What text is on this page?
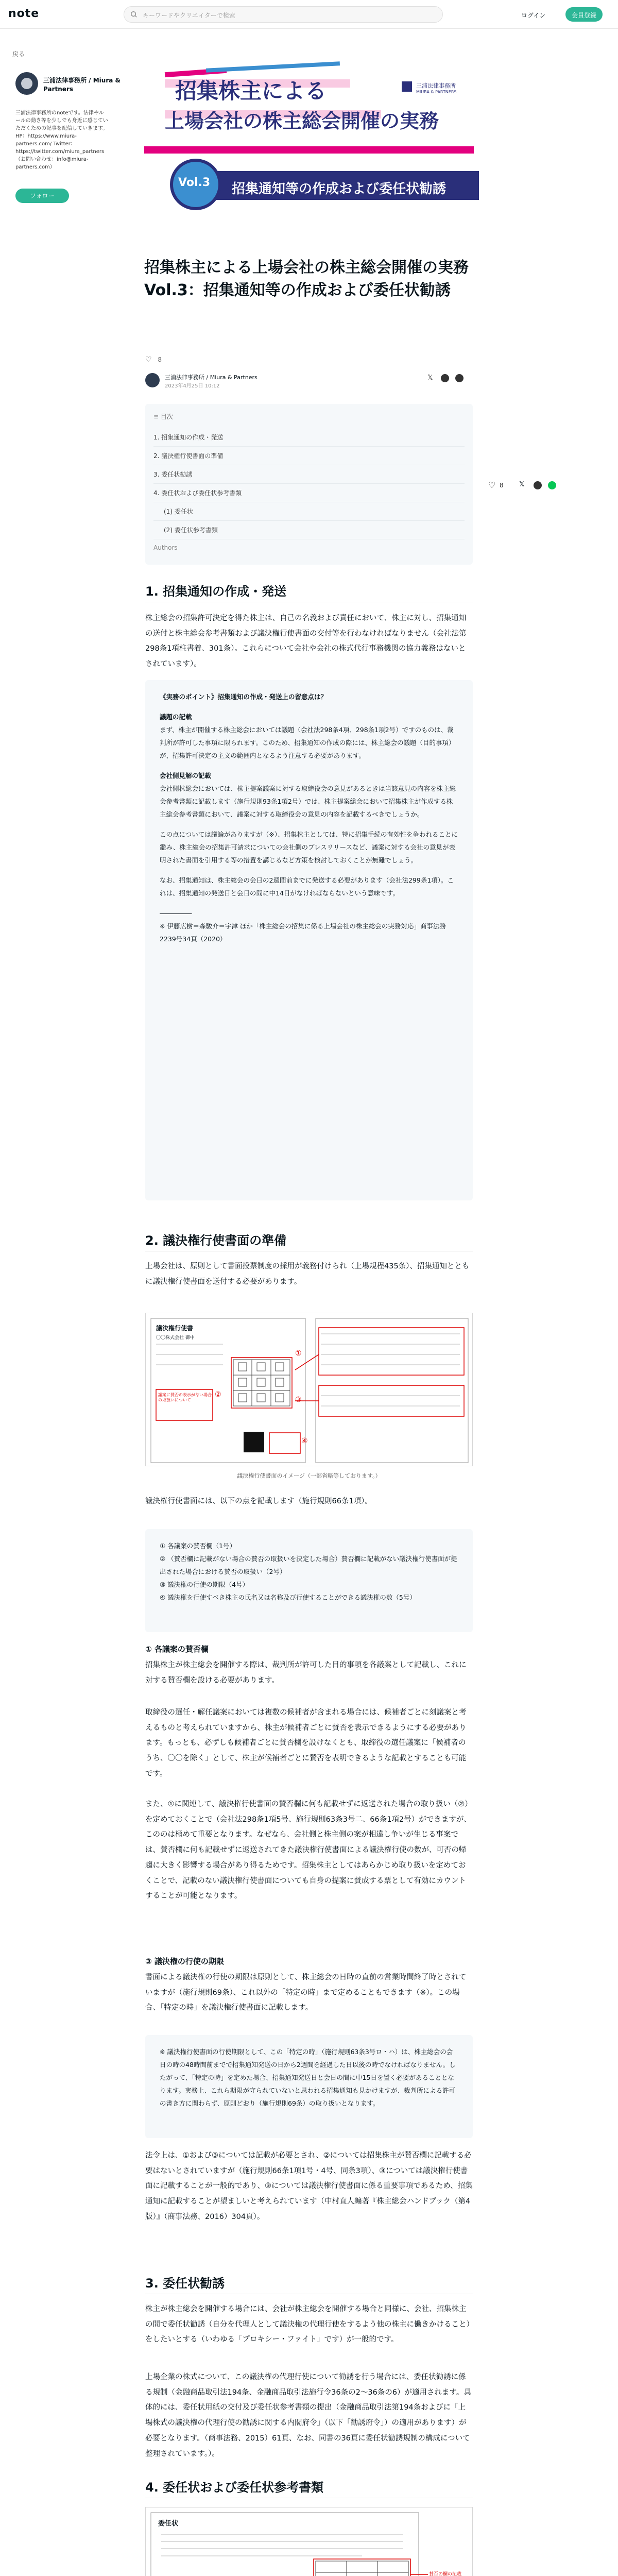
note	キーワードやクリエイターで検索	ログイン	会員登録
戻る
三浦法律事務所 / Miura & Partners
三浦法律事務所のnoteです。法律やルールの動き等を少しでも身近に感じていただくための記事を配信していきます。HP：https://www.miura-partners.com/ Twitter：https://twitter.com/miura_partners（お問い合わせ：info@miura-partners.com）
フォロー
招集株主による
上場会社の株主総会開催の実務
Vol.3 招集通知等の作成および委任状勧誘
三浦法律事務所
MIURA & PARTNERS
招集株主による上場会社の株主総会開催の実務 Vol.3：招集通知等の作成および委任状勧誘
♡ 8
三浦法律事務所 / Miura & Partners
2023年4月25日 10:12
𝕏
≡ 目次
1. 招集通知の作成・発送
2. 議決権行使書面の準備
3. 委任状勧誘
4. 委任状および委任状参考書類
(1) 委任状
(2) 委任状参考書類
Authors
♡ 8 𝕏
1. 招集通知の作成・発送

株主総会の招集許可決定を得た株主は、自己の名義および責任において、株主に対し、招集通知の送付と株主総会参考書類および議決権行使書面の交付等を行わなければなりません（会社法第298条1項柱書着、301条）。これらについて会社や会社の株式代行事務機関の協力義務はないとされています）。

《実務のポイント》招集通知の作成・発送上の留意点は？
議題の記載
まず、株主が開催する株主総会においては議題（会社法298条4項、298条1項2号）ですのものは、裁判所が許可した事項に限られます。このため、招集通知の作成の際には、株主総会の議題（目的事項）が、招集許可決定の主文の範囲内となるよう注意する必要があります。
会社側見解の記載
会社側株総会においては、株主提案議案に対する取締役会の意見があるときは当該意見の内容を株主総会参考書類に記載します（施行規則93条1項2号）では、株主提案総会において招集株主が作成する株主総会参考書類において、議案に対する取締役会の意見の内容を記載するべきでしょうか。
この点については議論がありますが（※）、招集株主としては、特に招集手続の有効性を争われることに鑑み、株主総会の招集許可請求についての会社側のプレスリリースなど、議案に対する会社の意見が表明された書面を引用する等の措置を講じるなど方策を検討しておくことが無難でしょう。
なお、招集通知は、株主総会の会日の2週間前までに発送する必要があります（会社法299条1項）。これは、招集通知の発送日と会日の間に中14日がなければならないという意味です。
―――――
※ 伊藤広樹＝森駿介＝宇津 ほか「株主総会の招集に係る上場会社の株主総会の実務対応」商事法務2239号34頁（2020）
2. 議決権行使書面の準備

上場会社は、原則として書面投票制度の採用が義務付けられ（上場規程435条）、招集通知とともに議決権行使書面を送付する必要があります。

議決権行使書
〇〇株式会社 御中
①
②
③
④
議案に賛否の表示がない場合の取扱いについて
議決権行使書面のイメージ（一部省略等しております。）

議決権行使書面には、以下の点を記載します（施行規則66条1項）。

① 各議案の賛否欄（1号）
② （賛否欄に記載がない場合の賛否の取扱いを決定した場合）賛否欄に記載がない議決権行使書面が提出された場合における賛否の取扱い（2号）
③ 議決権の行使の期限（4号）
④ 議決権を行使すべき株主の氏名又は名称及び行使することができる議決権の数（5号）
① 各議案の賛否欄

招集株主が株主総会を開催する際は、裁判所が許可した目的事項を各議案として記載し、これに対する賛否欄を設ける必要があります。

取締役の選任・解任議案においては複数の候補者が含まれる場合には、候補者ごとに刻議案と考えるものと考えられていますから、株主が候補者ごとに賛否を表示できるようにする必要があります。もっとも、必ずしも候補者ごとに賛否欄を設けなくとも、取締役の選任議案に「候補者のうち、〇〇を除く」として、株主が候補者ごとに賛否を表明できるような記載とすることも可能です。

また、①に関連して、議決権行使書面の賛否欄に何も記載せずに返送された場合の取り扱い（②）を定めておくことで（会社法298条1項5号、施行規則63条3号二、66条1項2号）ができますが、こののは極めて重要となります。なぜなら、会社側と株主側の案が相違し争いが生じる事案では、賛否欄に何も記載せずに返送されてきた議決権行使書面による議決権行使の数が、可否の帰趨に大きく影響する場合があり得るためです。招集株主としてはあらかじめ取り扱いを定めておくことで、記載のない議決権行使書面についても自身の提案に賛成する票として有効にカウントすることが可能となります。

③ 議決権の行使の期限

書面による議決権の行使の期限は原則として、株主総会の日時の直前の営業時間終了時とされていますが（施行規則69条）、これ以外の「特定の時」まで定めることもできます（※）。この場合、「特定の時」を議決権行使書面に記載します。

※ 議決権行使書面の行使期限として、この「特定の時」（施行規則63条3号ロ・ハ）は、株主総会の会日の時の48時間前までで招集通知発送の日から2週間を経過した日以後の時でなければなりません。したがって、「特定の時」を定めた場合、招集通知発送日と会日の間に中15日を置く必要があることとなります。実務上、これら期限が守られていないと思われる招集通知も見かけますが、裁判所による許可の書き方に関わらず、原則どおり（施行規則69条）の取り扱いとなります。

法令上は、①および③については記載が必要とされ、②については招集株主が賛否欄に記載する必要はないとされていますが（施行規則66条1項1号・4号、同条3項）、③については議決権行使書面に記載することが一般的であり、③については議決権行使書面に係る重要事項であるため、招集通知に記載することが望ましいと考えられています（中村直人編著『株主総会ハンドブック（第4版）』（商事法務、2016）304頁）。

3. 委任状勧誘

株主が株主総会を開催する場合には、会社が株主総会を開催する場合と同様に、会社、招集株主の間で委任状勧誘（自分を代理人として議決権の代理行使をするよう他の株主に働きかけること）をしたいとする（いわゆる「プロキシー・ファイト」です）が一般的です。

上場企業の株式について、この議決権の代理行使について勧誘を行う場合には、委任状勧誘に係る規制（金融商品取引法194条、金融商品取引法施行令36条の2〜36条の6）が適用されます。具体的には、委任状用紙の交付及び委任状参考書類の提出（金融商品取引法第194条およびに「上場株式の議決権の代理行使の勧誘に関する内閣府令」（以下「勧誘府令」）の適用があります）が必要となります。（商事法務、2015）61頁、なお、同書の36頁に委任状勧誘規制の構成について整理されています。）。

4. 委任状および委任状参考書類
委任状
賛否の欄の記載
